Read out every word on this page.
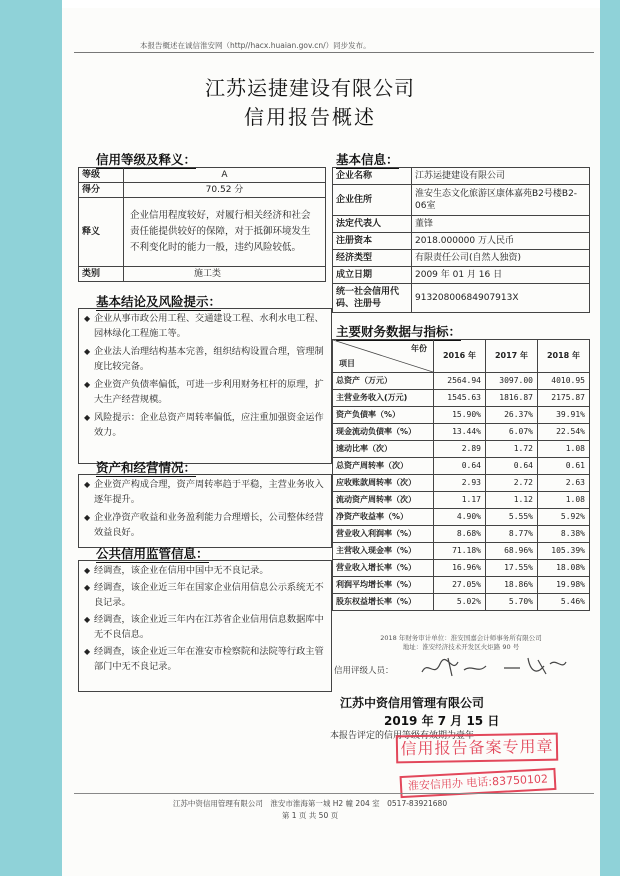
本报告概述在诚信淮安网（http//hacx.huaian.gov.cn/）同步发布。
江苏运捷建设有限公司
信用报告概述
信用等级及释义：
等级	A
得分	70.52 分
释义	企业信用程度较好，对履行相关经济和社会责任能提供较好的保障，对于抵御环境发生不利变化时的能力一般，违约风险较低。
类别	施工类
基本结论及风险提示：
◆ 企业从事市政公用工程、交通建设工程、水利水电工程、园林绿化工程施工等。
◆ 企业法人治理结构基本完善，组织结构设置合理，管理制度比较完备。
◆ 企业资产负债率偏低，可进一步利用财务杠杆的原理，扩大生产经营规模。
◆ 风险提示：企业总资产周转率偏低，应注重加强资金运作效力。
资产和经营情况：
◆ 企业资产构成合理，资产周转率趋于平稳，主营业务收入逐年提升。
◆ 企业净资产收益和业务盈利能力合理增长，公司整体经营效益良好。
公共信用监管信息：
◆ 经调查，该企业在信用中国中无不良记录。
◆ 经调查，该企业近三年在国家企业信用信息公示系统无不良记录。
◆ 经调查，该企业近三年内在江苏省企业信用信息数据库中无不良信息。
◆ 经调查，该企业近三年在淮安市检察院和法院等行政主管部门中无不良记录。
基本信息：
企业名称	江苏运捷建设有限公司
企业住所	淮安生态文化旅游区康体嘉苑B2号楼B2-06室
法定代表人	董锋
注册资本	2018.000000 万人民币
经济类型	有限责任公司(自然人独资)
成立日期	2009 年 01 月 16 日
统一社会信用代码、注册号	91320800684907913X
主要财务数据与指标：
年份
项目	2016 年	2017 年	2018 年
总资产（万元）	2564.94	3097.00	4010.95
主营业务收入(万元)	1545.63	1816.87	2175.87
资产负债率（%）	15.90%	26.37%	39.91%
现金流动负债率（%）	13.44%	6.07%	22.54%
速动比率（次）	2.89	1.72	1.08
总资产周转率（次）	0.64	0.64	0.61
应收账款周转率（次）	2.93	2.72	2.63
流动资产周转率（次）	1.17	1.12	1.08
净资产收益率（%）	4.90%	5.55%	5.92%
营业收入利润率（%）	8.68%	8.77%	8.38%
主营收入现金率（%）	71.18%	68.96%	105.39%
营业收入增长率（%）	16.96%	17.55%	18.08%
利润平均增长率（%）	27.05%	18.86%	19.98%
股东权益增长率（%）	5.02%	5.70%	5.46%
2018 年财务审计单位：淮安国嘉会计师事务所有限公司
地址：淮安经济技术开发区火炬路 90 号
信用评级人员：
江苏中资信用管理有限公司
2019 年 7 月 15 日
本报告评定的信用等级有效期为壹年
信用报告备案专用章
淮安信用办 电话:83750102
江苏中资信用管理有限公司　淮安市淮海第一城 H2 幢 204 室　0517-83921680
第 1 页 共 50 页
